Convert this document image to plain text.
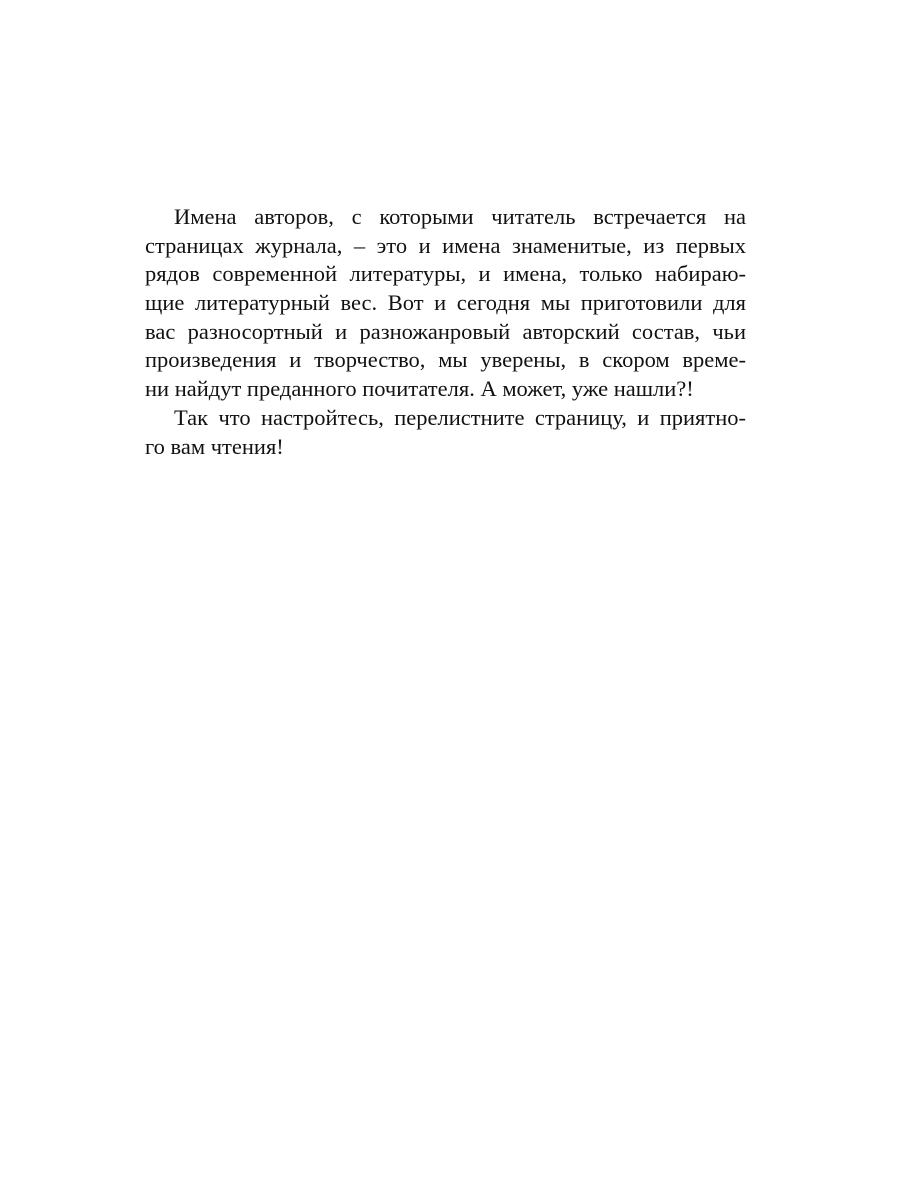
Имена авторов, с которыми читатель встречается на
страницах журнала, – это и имена знаменитые, из первых
рядов современной литературы, и имена, только набираю-
щие литературный вес. Вот и сегодня мы приготовили для
вас разносортный и разножанровый авторский состав, чьи
произведения и творчество, мы уверены, в скором време-
ни найдут преданного почитателя. А может, уже нашли?!
Так что настройтесь, перелистните страницу, и приятно-
го вам чтения!
